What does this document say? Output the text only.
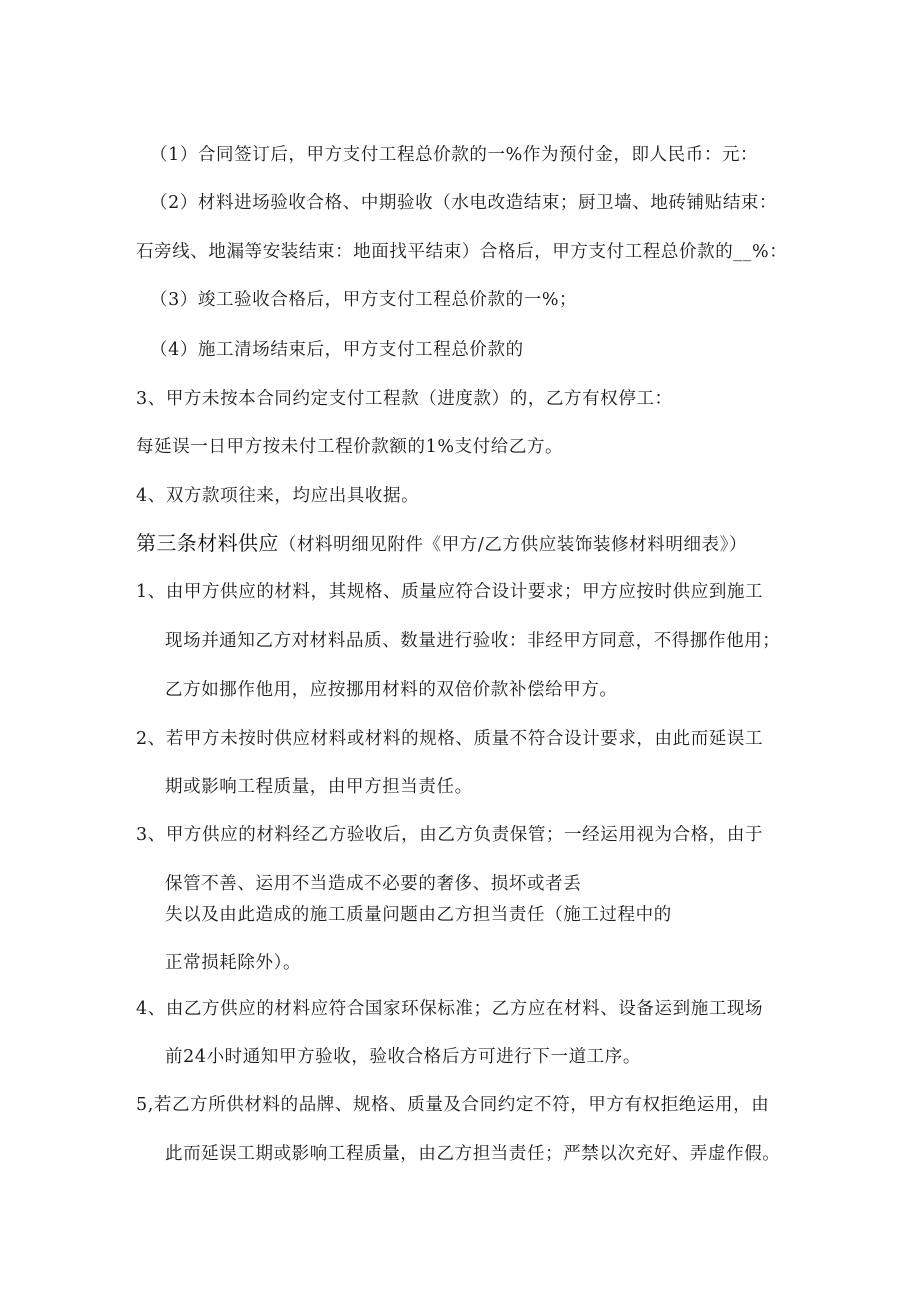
（1）合同签订后，甲方支付工程总价款的一%作为预付金，即人民币：元：
（2）材料进场验收合格、中期验收（水电改造结束；厨卫墙、地砖铺贴结束：
石旁线、地漏等安装结束：地面找平结束）合格后，甲方支付工程总价款的__%：
（3）竣工验收合格后，甲方支付工程总价款的一%；
（4）施工清场结束后，甲方支付工程总价款的
3、甲方未按本合同约定支付工程款（进度款）的，乙方有权停工：
每延误一日甲方按未付工程价款额的1%支付给乙方。
4、双方款项往来，均应出具收据。
第三条材料供应（材料明细见附件《甲方/乙方供应装饰装修材料明细表》）
1、由甲方供应的材料，其规格、质量应符合设计要求；甲方应按时供应到施工
现场并通知乙方对材料品质、数量进行验收：非经甲方同意，不得挪作他用；
乙方如挪作他用，应按挪用材料的双倍价款补偿给甲方。
2、若甲方未按时供应材料或材料的规格、质量不符合设计要求，由此而延误工
期或影响工程质量，由甲方担当责任。
3、甲方供应的材料经乙方验收后，由乙方负责保管；一经运用视为合格，由于
保管不善、运用不当造成不必要的奢侈、损坏或者丢
失以及由此造成的施工质量问题由乙方担当责任（施工过程中的
正常损耗除外）。
4、由乙方供应的材料应符合国家环保标准；乙方应在材料、设备运到施工现场
前24小时通知甲方验收，验收合格后方可进行下一道工序。
5,若乙方所供材料的品牌、规格、质量及合同约定不符，甲方有权拒绝运用，由
此而延误工期或影响工程质量，由乙方担当责任；严禁以次充好、弄虚作假。
